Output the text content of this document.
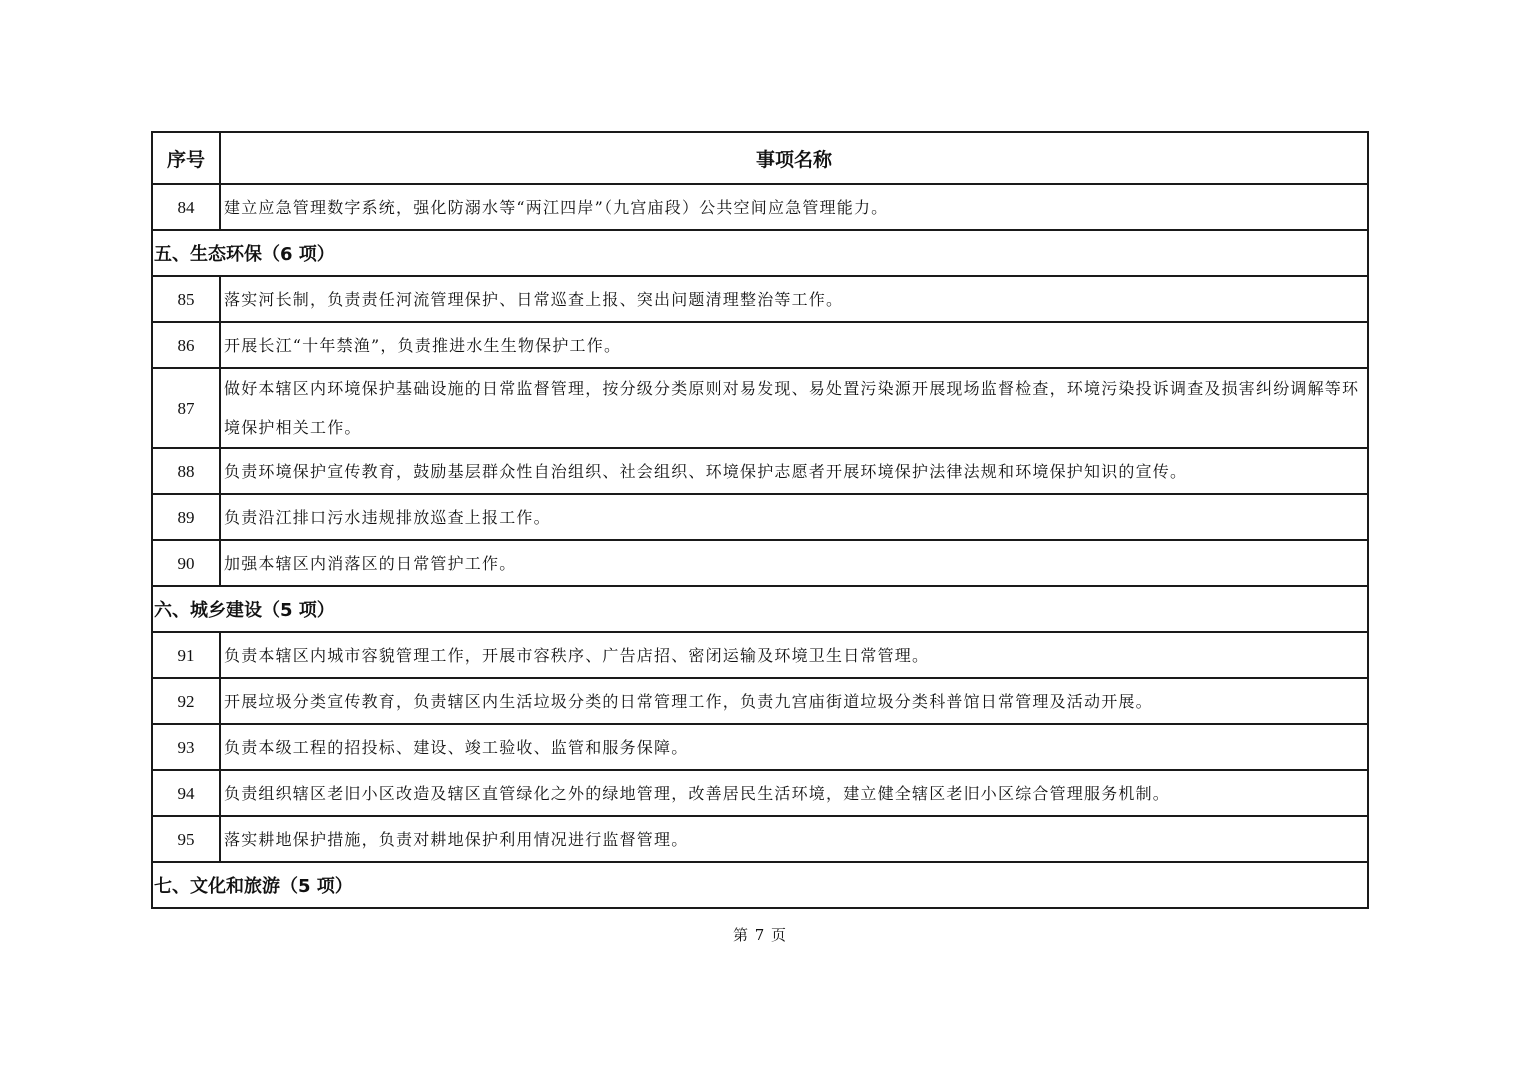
序号	事项名称
84	建立应急管理数字系统，强化防溺水等“两江四岸”（九宫庙段）公共空间应急管理能力。
五、生态环保（6 项）	
85	落实河长制，负责责任河流管理保护、日常巡查上报、突出问题清理整治等工作。
86	开展长江“十年禁渔”，负责推进水生生物保护工作。
87	做好本辖区内环境保护基础设施的日常监督管理，按分级分类原则对易发现、易处置污染源开展现场监督检查，环境污染投诉调查及损害纠纷调解等环境保护相关工作。
88	负责环境保护宣传教育，鼓励基层群众性自治组织、社会组织、环境保护志愿者开展环境保护法律法规和环境保护知识的宣传。
89	负责沿江排口污水违规排放巡查上报工作。
90	加强本辖区内消落区的日常管护工作。
六、城乡建设（5 项）	
91	负责本辖区内城市容貌管理工作，开展市容秩序、广告店招、密闭运输及环境卫生日常管理。
92	开展垃圾分类宣传教育，负责辖区内生活垃圾分类的日常管理工作，负责九宫庙街道垃圾分类科普馆日常管理及活动开展。
93	负责本级工程的招投标、建设、竣工验收、监管和服务保障。
94	负责组织辖区老旧小区改造及辖区直管绿化之外的绿地管理，改善居民生活环境，建立健全辖区老旧小区综合管理服务机制。
95	落实耕地保护措施，负责对耕地保护利用情况进行监督管理。
七、文化和旅游（5 项）	
第 7 页
